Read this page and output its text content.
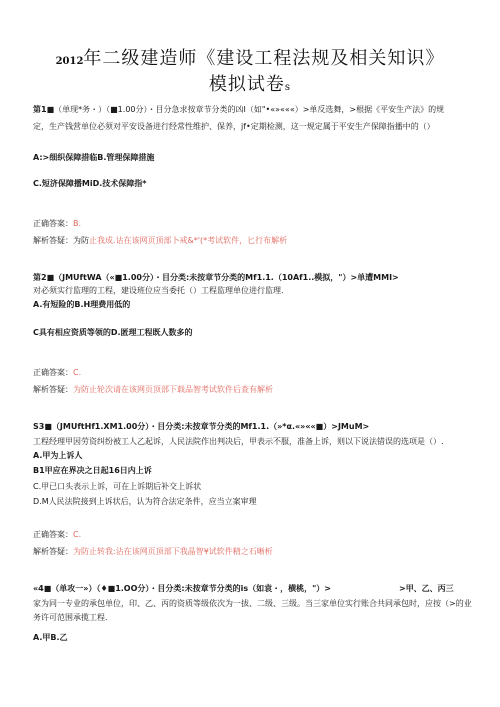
2012年二级建造师《建设工程法规及相关知识》
模拟试卷s
第1■（单现*务・）（■1.00分）・目分急求按章节分类的凶I（如"•«»«««）>单反选舞，>根据《平安生产法》的规
定，生产钱营单位必须对平安设备进行经常性维护、保养，jf•定期检测，这一规定属于平安生产保障指播中的（）
A:>细织保障措临B.管理保障措施
C.短济保障播MiD.技术保障指*
正确答案：B.
解析答疑：为防止我成.诂在该网页顶部卜戒&*'(*考试软件，匕行布解析
第2■（JMUftWA（«■1.00分）・目分类:未按章节分类的Mf1.1.（10Af1..模拟，"）>单遭MMI>
对必须实行监理的工程，建设班位应当委托（）工程监理单位进行监理.
A.有短险的B.H理费用低的
C具有相应资质等领的D.匿理工程既人数多的
正确答案：C.
解析答疑：为防止轮次请在该网页顶部下载品智考试软件后查有解析
S3■（JMUftHf1.XM1.00分）・目分类:未按章节分类的Mf1.1.（»*α.«»««■）>JMuM>
工程经理甲因劳资纠纷被工人乙起诉，人民法院作出判决后，甲表示不服，准备上诉，则以下说法错误的选项是（）.
A.甲为上诉人
B1甲应在界决之日起16日内上诉
C.甲已口头表示上诉，可在上诉期后补交上诉状
D.M人民法院接到上诉状后，认为符合法定条件，应当立案审理
正确答案：C.
解析答疑：为防止转我:沾在该网页顶部下我晶智¥试软件精之石晰析
«4■（单攻一»）（♦■1.OO分）・目分类:未按章节分类的is（如袁・，横桃，"）>	>甲、乙、丙三
家为同一专业的承包单位，印、乙、丙的资质等级依次为一拔、二级、三级。当三家单位实行账合共同承包时，应按（>的业务许可范围承揽工程.
A.甲B.乙
